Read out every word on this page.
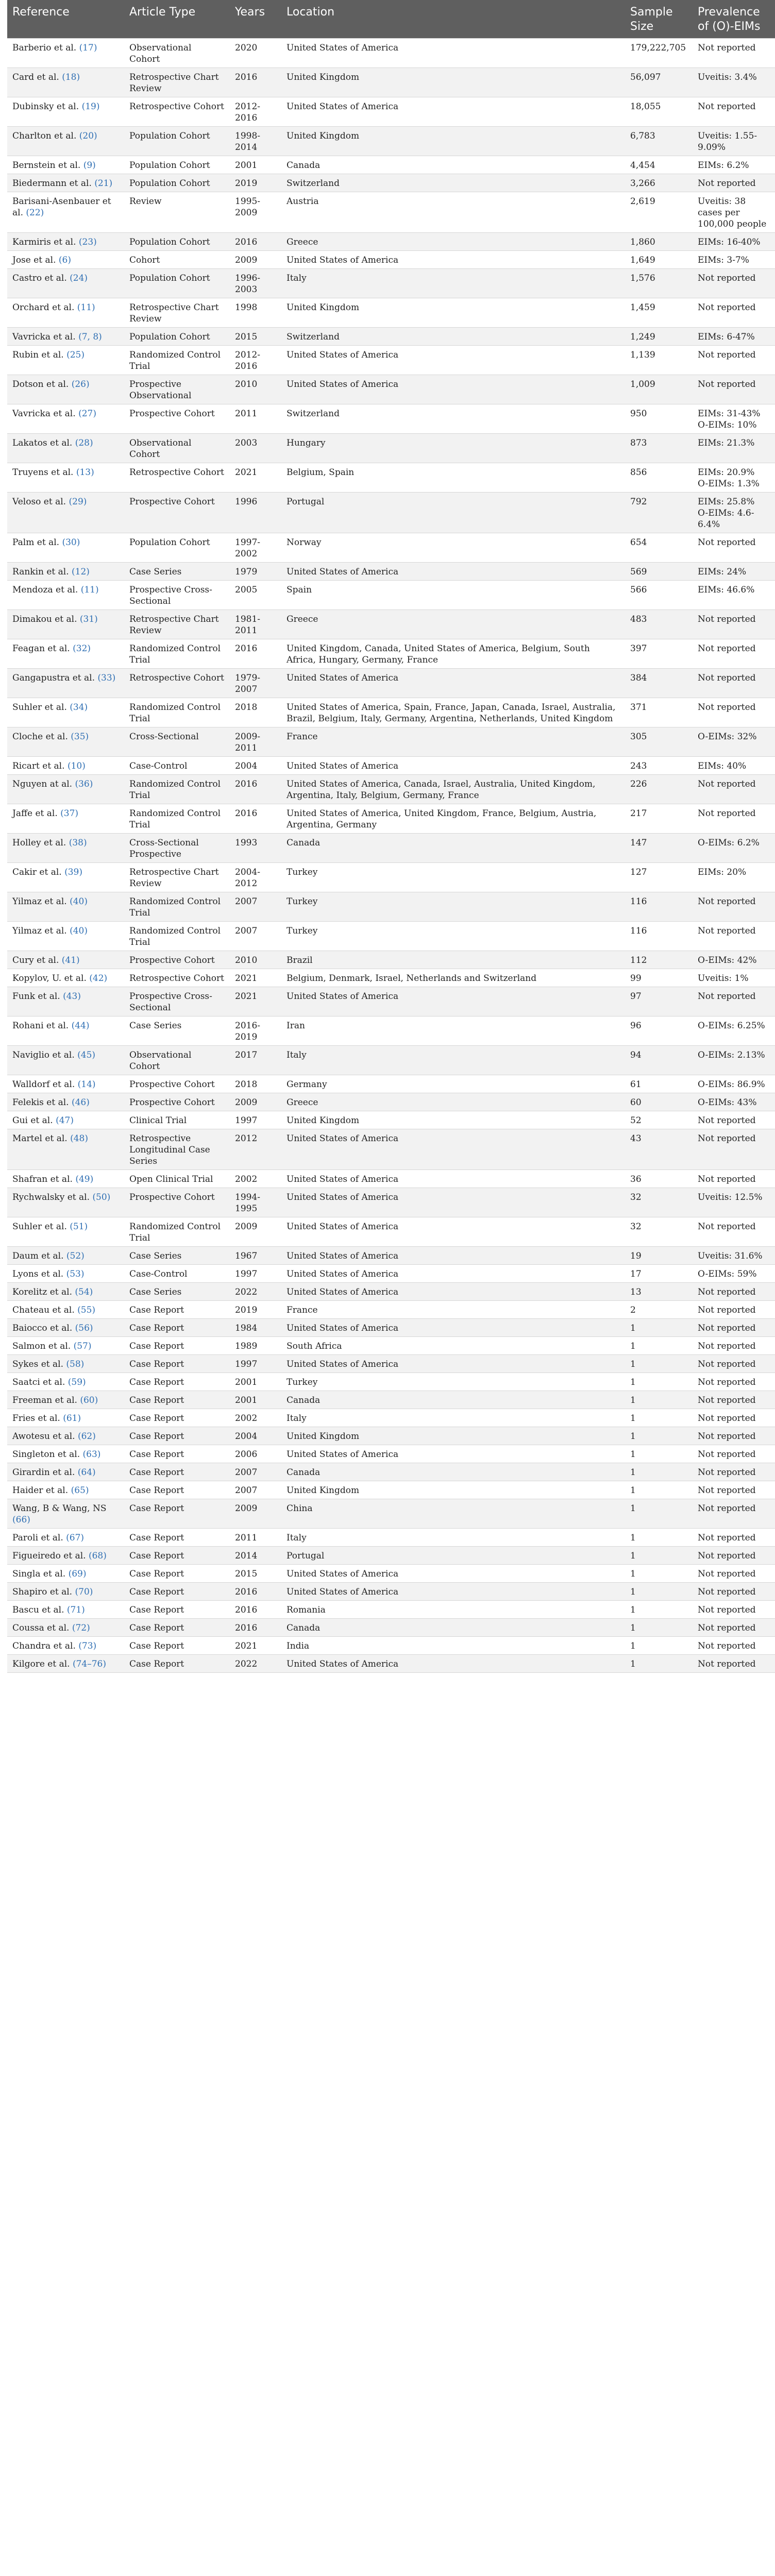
Reference	Article Type	Years	Location	Sample Size	Prevalence of (O)-EIMs
Barberio et al. (17)	Observational Cohort	2020	United States of America	179,222,705	Not reported
Card et al. (18)	Retrospective Chart Review	2016	United Kingdom	56,097	Uveitis: 3.4%
Dubinsky et al. (19)	Retrospective Cohort	2012-2016	United States of America	18,055	Not reported
Charlton et al. (20)	Population Cohort	1998-2014	United Kingdom	6,783	Uveitis: 1.55-9.09%
Bernstein et al. (9)	Population Cohort	2001	Canada	4,454	EIMs: 6.2%
Biedermann et al. (21)	Population Cohort	2019	Switzerland	3,266	Not reported
Barisani-Asenbauer et al. (22)	Review	1995-2009	Austria	2,619	Uveitis: 38 cases per 100,000 people
Karmiris et al. (23)	Population Cohort	2016	Greece	1,860	EIMs: 16-40%
Jose et al. (6)	Cohort	2009	United States of America	1,649	EIMs: 3-7%
Castro et al. (24)	Population Cohort	1996-2003	Italy	1,576	Not reported
Orchard et al. (11)	Retrospective Chart Review	1998	United Kingdom	1,459	Not reported
Vavricka et al. (7, 8)	Population Cohort	2015	Switzerland	1,249	EIMs: 6-47%
Rubin et al. (25)	Randomized Control Trial	2012-2016	United States of America	1,139	Not reported
Dotson et al. (26)	Prospective Observational	2010	United States of America	1,009	Not reported
Vavricka et al. (27)	Prospective Cohort	2011	Switzerland	950	EIMs: 31-43%
O-EIMs: 10%
Lakatos et al. (28)	Observational Cohort	2003	Hungary	873	EIMs: 21.3%
Truyens et al. (13)	Retrospective Cohort	2021	Belgium, Spain	856	EIMs: 20.9%
O-EIMs: 1.3%
Veloso et al. (29)	Prospective Cohort	1996	Portugal	792	EIMs: 25.8%
O-EIMs: 4.6-6.4%
Palm et al. (30)	Population Cohort	1997-2002	Norway	654	Not reported
Rankin et al. (12)	Case Series	1979	United States of America	569	EIMs: 24%
Mendoza et al. (11)	Prospective Cross-Sectional	2005	Spain	566	EIMs: 46.6%
Dimakou et al. (31)	Retrospective Chart Review	1981-2011	Greece	483	Not reported
Feagan et al. (32)	Randomized Control Trial	2016	United Kingdom, Canada, United States of America, Belgium, South Africa, Hungary, Germany, France	397	Not reported
Gangapustra et al. (33)	Retrospective Cohort	1979-2007	United States of America	384	Not reported
Suhler et al. (34)	Randomized Control Trial	2018	United States of America, Spain, France, Japan, Canada, Israel, Australia, Brazil, Belgium, Italy, Germany, Argentina, Netherlands, United Kingdom	371	Not reported
Cloche et al. (35)	Cross-Sectional	2009-2011	France	305	O-EIMs: 32%
Ricart et al. (10)	Case-Control	2004	United States of America	243	EIMs: 40%
Nguyen at al. (36)	Randomized Control Trial	2016	United States of America, Canada, Israel, Australia, United Kingdom, Argentina, Italy, Belgium, Germany, France	226	Not reported
Jaffe et al. (37)	Randomized Control Trial	2016	United States of America, United Kingdom, France, Belgium, Austria, Argentina, Germany	217	Not reported
Holley et al. (38)	Cross-Sectional Prospective	1993	Canada	147	O-EIMs: 6.2%
Cakir et al. (39)	Retrospective Chart Review	2004-2012	Turkey	127	EIMs: 20%
Yilmaz et al. (40)	Randomized Control Trial	2007	Turkey	116	Not reported
Yilmaz et al. (40)	Randomized Control Trial	2007	Turkey	116	Not reported
Cury et al. (41)	Prospective Cohort	2010	Brazil	112	O-EIMs: 42%
Kopylov, U. et al. (42)	Retrospective Cohort	2021	Belgium, Denmark, Israel, Netherlands and Switzerland	99	Uveitis: 1%
Funk et al. (43)	Prospective Cross-Sectional	2021	United States of America	97	Not reported
Rohani et al. (44)	Case Series	2016-2019	Iran	96	O-EIMs: 6.25%
Naviglio et al. (45)	Observational Cohort	2017	Italy	94	O-EIMs: 2.13%
Walldorf et al. (14)	Prospective Cohort	2018	Germany	61	O-EIMs: 86.9%
Felekis et al. (46)	Prospective Cohort	2009	Greece	60	O-EIMs: 43%
Gui et al. (47)	Clinical Trial	1997	United Kingdom	52	Not reported
Martel et al. (48)	Retrospective Longitudinal Case Series	2012	United States of America	43	Not reported
Shafran et al. (49)	Open Clinical Trial	2002	United States of America	36	Not reported
Rychwalsky et al. (50)	Prospective Cohort	1994-1995	United States of America	32	Uveitis: 12.5%
Suhler et al. (51)	Randomized Control Trial	2009	United States of America	32	Not reported
Daum et al. (52)	Case Series	1967	United States of America	19	Uveitis: 31.6%
Lyons et al. (53)	Case-Control	1997	United States of America	17	O-EIMs: 59%
Korelitz et al. (54)	Case Series	2022	United States of America	13	Not reported
Chateau et al. (55)	Case Report	2019	France	2	Not reported
Baiocco et al. (56)	Case Report	1984	United States of America	1	Not reported
Salmon et al. (57)	Case Report	1989	South Africa	1	Not reported
Sykes et al. (58)	Case Report	1997	United States of America	1	Not reported
Saatci et al. (59)	Case Report	2001	Turkey	1	Not reported
Freeman et al. (60)	Case Report	2001	Canada	1	Not reported
Fries et al. (61)	Case Report	2002	Italy	1	Not reported
Awotesu et al. (62)	Case Report	2004	United Kingdom	1	Not reported
Singleton et al. (63)	Case Report	2006	United States of America	1	Not reported
Girardin et al. (64)	Case Report	2007	Canada	1	Not reported
Haider et al. (65)	Case Report	2007	United Kingdom	1	Not reported
Wang, B & Wang, NS (66)	Case Report	2009	China	1	Not reported
Paroli et al. (67)	Case Report	2011	Italy	1	Not reported
Figueiredo et al. (68)	Case Report	2014	Portugal	1	Not reported
Singla et al. (69)	Case Report	2015	United States of America	1	Not reported
Shapiro et al. (70)	Case Report	2016	United States of America	1	Not reported
Bascu et al. (71)	Case Report	2016	Romania	1	Not reported
Coussa et al. (72)	Case Report	2016	Canada	1	Not reported
Chandra et al. (73)	Case Report	2021	India	1	Not reported
Kilgore et al. (74–76)	Case Report	2022	United States of America	1	Not reported
